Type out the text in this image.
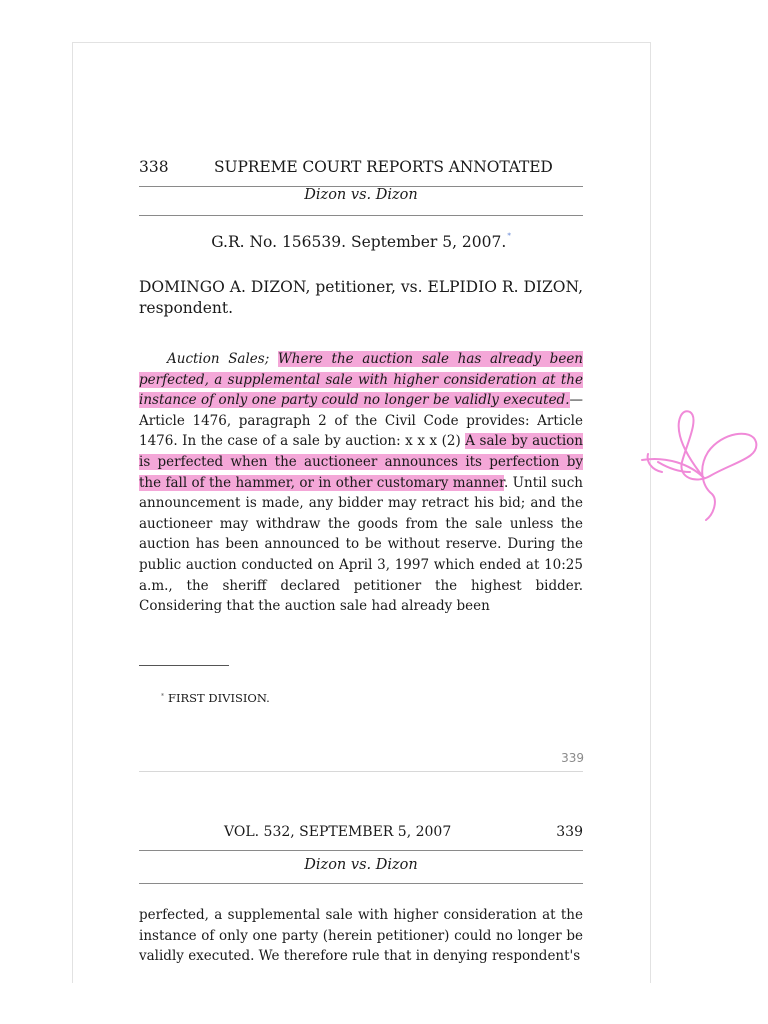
338	SUPREME COURT REPORTS ANNOTATED
Dizon vs. Dizon
G.R. No. 156539. September 5, 2007.*
DOMINGO A. DIZON, petitioner, vs. ELPIDIO R. DIZON, respondent.

Auction Sales; Where the auction sale has already been perfected, a supplemental sale with higher consideration at the instance of only one party could no longer be validly executed.—Article 1476, paragraph 2 of the Civil Code provides: Article 1476. In the case of a sale by auction: x x x (2) A sale by auction is perfected when the auctioneer announces its perfection by the fall of the hammer, or in other customary manner. Until such announcement is made, any bidder may retract his bid; and the auctioneer may withdraw the goods from the sale unless the auction has been announced to be without reserve. During the public auction conducted on April 3, 1997 which ended at 10:25 a.m., the sheriff declared petitioner the highest bidder. Considering that the auction sale had already been

* FIRST DIVISION.
339
VOL. 532, SEPTEMBER 5, 2007	339
Dizon vs. Dizon

perfected, a supplemental sale with higher consideration at the instance of only one party (herein petitioner) could no longer be validly executed. We therefore rule that in denying respondent's
